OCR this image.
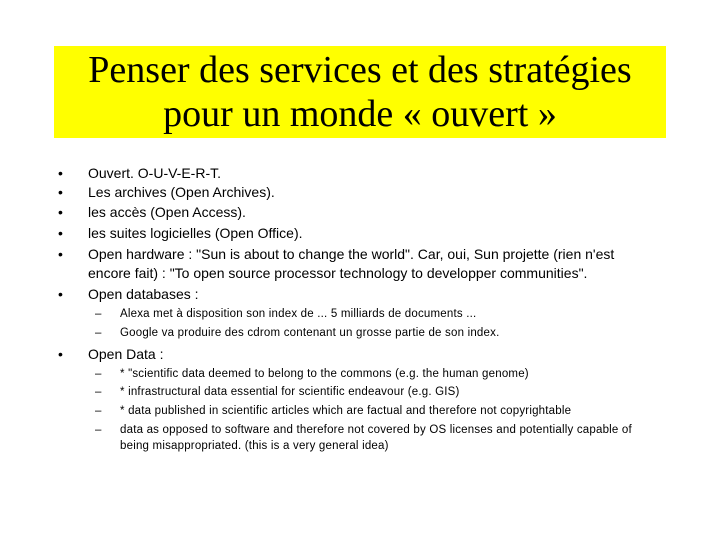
Penser des services et des stratégies
pour un monde « ouvert »
•	Ouvert. O-U-V-E-R-T.
•	Les archives (Open Archives).
•	les accès (Open Access).
•	les suites logicielles (Open Office).
•	Open hardware : "Sun is about to change the world". Car, oui, Sun projette (rien n'est
encore fait) : "To open source processor technology to developper communities".
•	Open databases :
– Alexa met à disposition son index de ... 5 milliards de documents ...
– Google va produire des cdrom contenant un grosse partie de son index.
•	Open Data :
– * "scientific data deemed to belong to the commons (e.g. the human genome)
– * infrastructural data essential for scientific endeavour (e.g. GIS)
– * data published in scientific articles which are factual and therefore not copyrightable
– data as opposed to software and therefore not covered by OS licenses and potentially capable of
being misappropriated. (this is a very general idea)
